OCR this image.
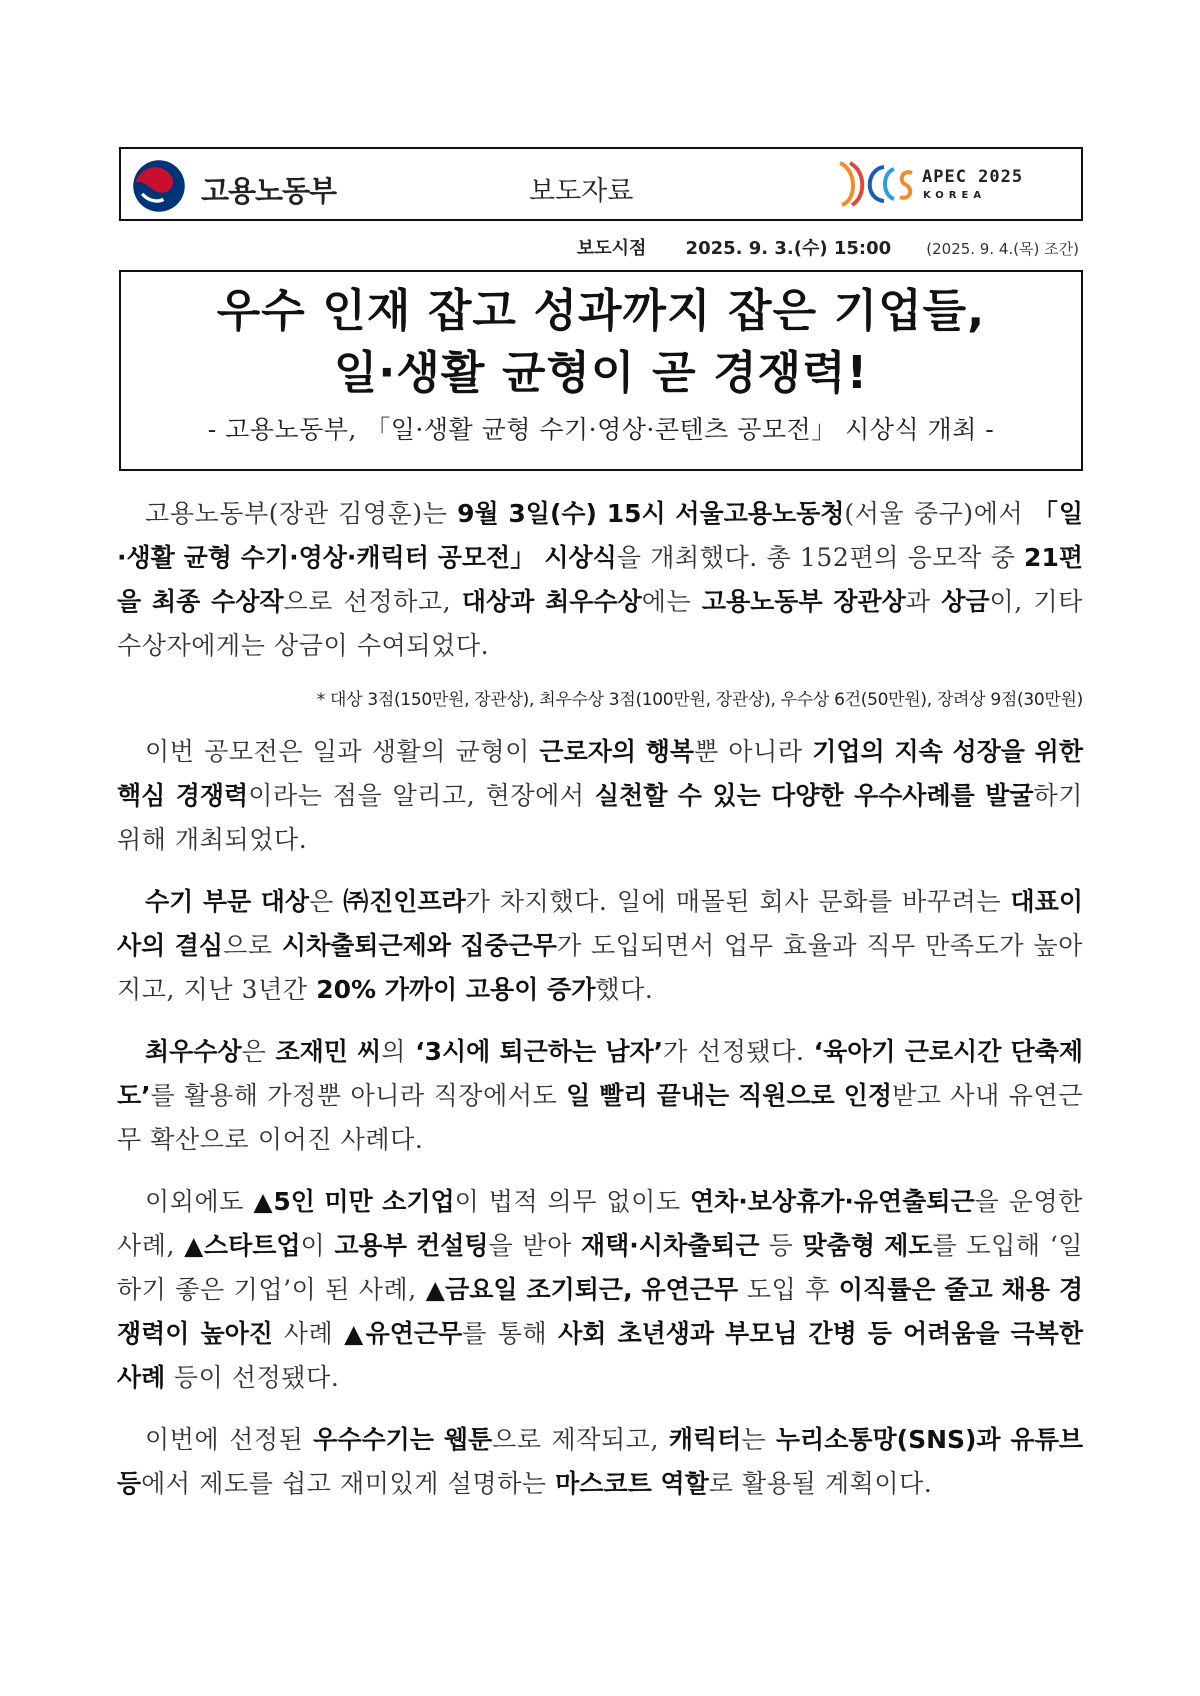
고용노동부	보도자료	APEC 2025
KOREA
보도시점 2025. 9. 3.(수) 15:00 (2025. 9. 4.(목) 조간)
우수 인재 잡고 성과까지 잡은 기업들,
일·생활 균형이 곧 경쟁력!
- 고용노동부, 「일·생활 균형 수기·영상·콘텐츠 공모전」 시상식 개최 -

고용노동부(장관 김영훈)는 9월 3일(수) 15시 서울고용노동청(서울 중구)에서 「일·생활 균형 수기·영상·캐릭터 공모전」 시상식을 개최했다. 총 152편의 응모작 중 21편을 최종 수상작으로 선정하고, 대상과 최우수상에는 고용노동부 장관상과 상금이, 기타 수상자에게는 상금이 수여되었다.

* 대상 3점(150만원, 장관상), 최우수상 3점(100만원, 장관상), 우수상 6건(50만원), 장려상 9점(30만원)

이번 공모전은 일과 생활의 균형이 근로자의 행복뿐 아니라 기업의 지속 성장을 위한 핵심 경쟁력이라는 점을 알리고, 현장에서 실천할 수 있는 다양한 우수사례를 발굴하기 위해 개최되었다.

수기 부문 대상은 ㈜진인프라가 차지했다. 일에 매몰된 회사 문화를 바꾸려는 대표이사의 결심으로 시차출퇴근제와 집중근무가 도입되면서 업무 효율과 직무 만족도가 높아지고, 지난 3년간 20% 가까이 고용이 증가했다.

최우수상은 조재민 씨의 ‘3시에 퇴근하는 남자’가 선정됐다. ‘육아기 근로시간 단축제도’를 활용해 가정뿐 아니라 직장에서도 일 빨리 끝내는 직원으로 인정받고 사내 유연근무 확산으로 이어진 사례다.

이외에도 ▲5인 미만 소기업이 법적 의무 없이도 연차·보상휴가·유연출퇴근을 운영한 사례, ▲스타트업이 고용부 컨설팅을 받아 재택·시차출퇴근 등 맞춤형 제도를 도입해 ‘일하기 좋은 기업’이 된 사례, ▲금요일 조기퇴근, 유연근무 도입 후 이직률은 줄고 채용 경쟁력이 높아진 사례 ▲유연근무를 통해 사회 초년생과 부모님 간병 등 어려움을 극복한 사례 등이 선정됐다.

이번에 선정된 우수수기는 웹툰으로 제작되고, 캐릭터는 누리소통망(SNS)과 유튜브 등에서 제도를 쉽고 재미있게 설명하는 마스코트 역할로 활용될 계획이다.
